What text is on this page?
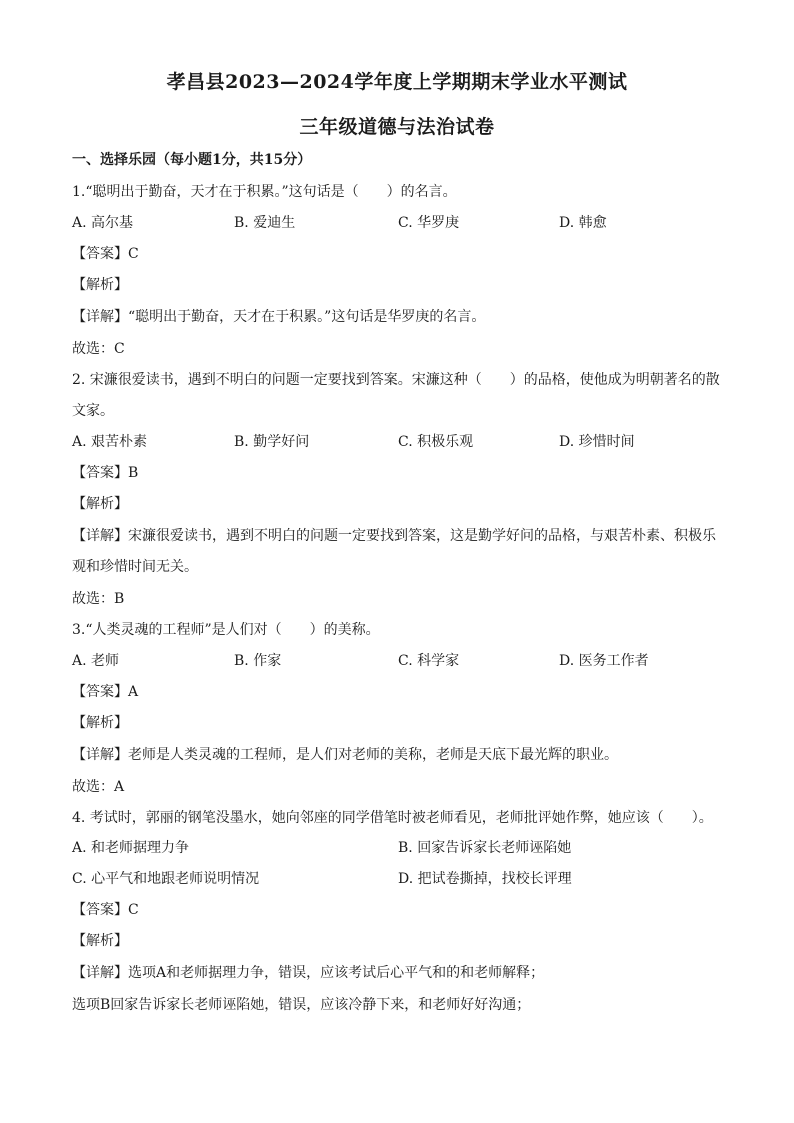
孝昌县2023—2024学年度上学期期末学业水平测试
三年级道德与法治试卷
一、选择乐园（每小题1分，共15分）
1.“聪明出于勤奋，天才在于积累。”这句话是（　　）的名言。
A. 高尔基	B. 爱迪生	C. 华罗庚	D. 韩愈
【答案】C
【解析】
【详解】“聪明出于勤奋，天才在于积累。”这句话是华罗庚的名言。
故选：C
2. 宋濂很爱读书，遇到不明白的问题一定要找到答案。宋濂这种（　　）的品格，使他成为明朝著名的散
文家。
A. 艰苦朴素	B. 勤学好问	C. 积极乐观	D. 珍惜时间
【答案】B
【解析】
【详解】宋濂很爱读书，遇到不明白的问题一定要找到答案，这是勤学好问的品格，与艰苦朴素、积极乐
观和珍惜时间无关。
故选：B
3.“人类灵魂的工程师”是人们对（　　）的美称。
A. 老师	B. 作家	C. 科学家	D. 医务工作者
【答案】A
【解析】
【详解】老师是人类灵魂的工程师，是人们对老师的美称，老师是天底下最光辉的职业。
故选：A
4. 考试时，郭丽的钢笔没墨水，她向邻座的同学借笔时被老师看见，老师批评她作弊，她应该（　　）。
A. 和老师据理力争	B. 回家告诉家长老师诬陷她
C. 心平气和地跟老师说明情况	D. 把试卷撕掉，找校长评理
【答案】C
【解析】
【详解】选项A和老师据理力争，错误，应该考试后心平气和的和老师解释；
选项B回家告诉家长老师诬陷她，错误，应该冷静下来，和老师好好沟通；
